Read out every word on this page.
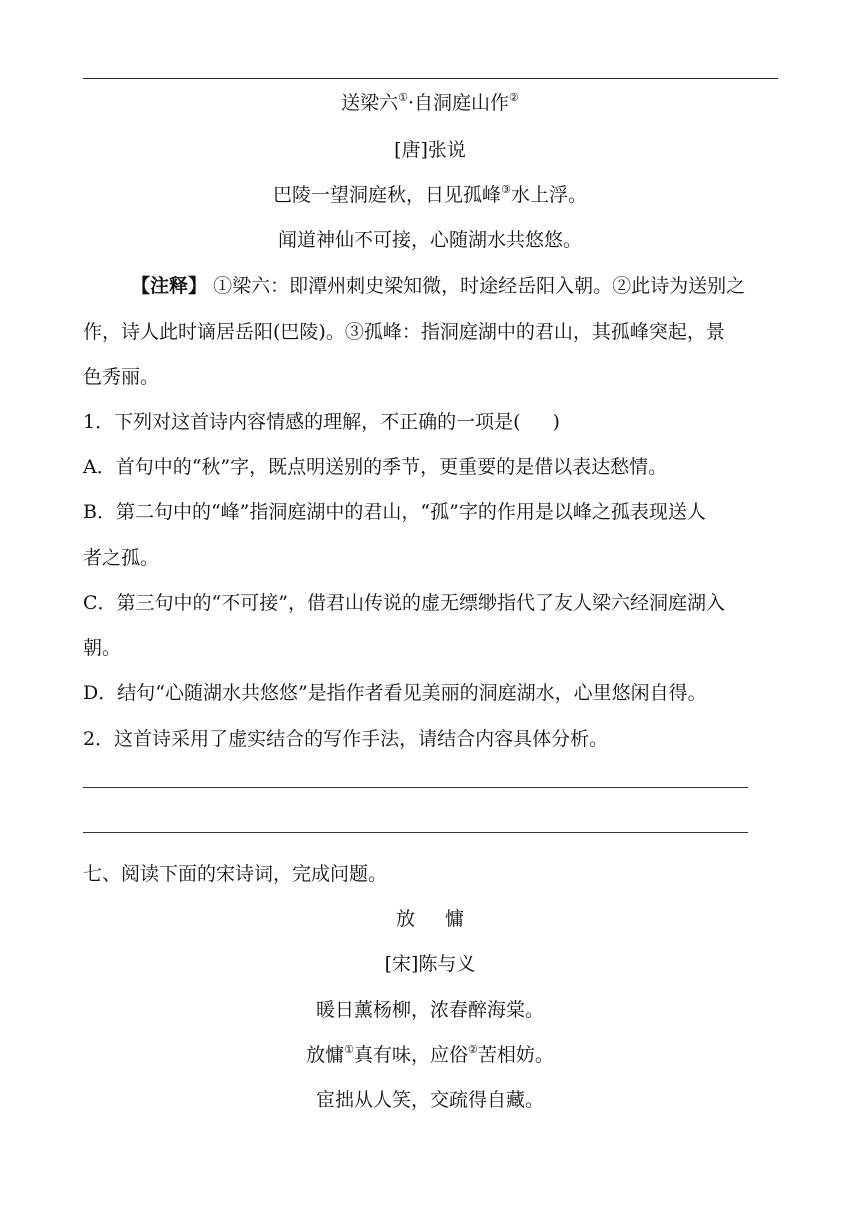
送梁六①·自洞庭山作②
[唐]张说
巴陵一望洞庭秋，日见孤峰③水上浮。
闻道神仙不可接，心随湖水共悠悠。
【注释】 ①梁六：即潭州刺史梁知微，时途经岳阳入朝。②此诗为送别之
作，诗人此时谪居岳阳(巴陵)。③孤峰：指洞庭湖中的君山，其孤峰突起，景
色秀丽。
1．下列对这首诗内容情感的理解，不正确的一项是( )
A．首句中的“秋”字，既点明送别的季节，更重要的是借以表达愁情。
B．第二句中的“峰”指洞庭湖中的君山，“孤”字的作用是以峰之孤表现送人
者之孤。
C．第三句中的“不可接”，借君山传说的虚无缥缈指代了友人梁六经洞庭湖入
朝。
D．结句“心随湖水共悠悠”是指作者看见美丽的洞庭湖水，心里悠闲自得。
2．这首诗采用了虚实结合的写作手法，请结合内容具体分析。
七、阅读下面的宋诗词，完成问题。
放 慵
[宋]陈与义
暖日薰杨柳，浓春醉海棠。
放慵①真有味，应俗②苦相妨。
宦拙从人笑，交疏得自藏。
